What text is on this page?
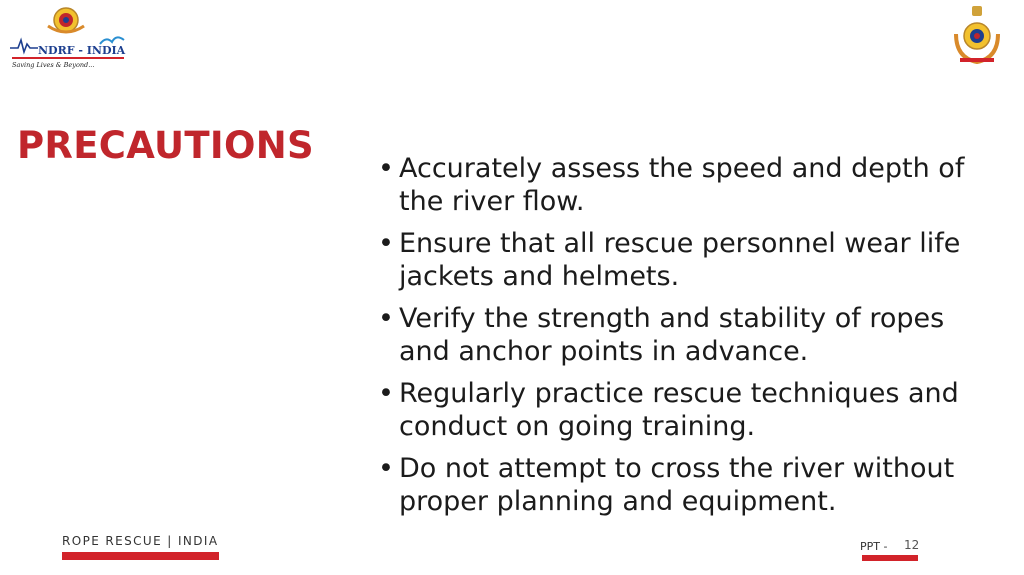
NDRF - INDIA
Saving Lives & Beyond...
PRECAUTIONS
• Accurately assess the speed and depth of the river flow.
• Ensure that all rescue personnel wear life jackets and helmets.
• Verify the strength and stability of ropes and anchor points in advance.
• Regularly practice rescue techniques and conduct on going training.
• Do not attempt to cross the river without proper planning and equipment.
ROPE RESCUE | INDIA	PPT - 12
